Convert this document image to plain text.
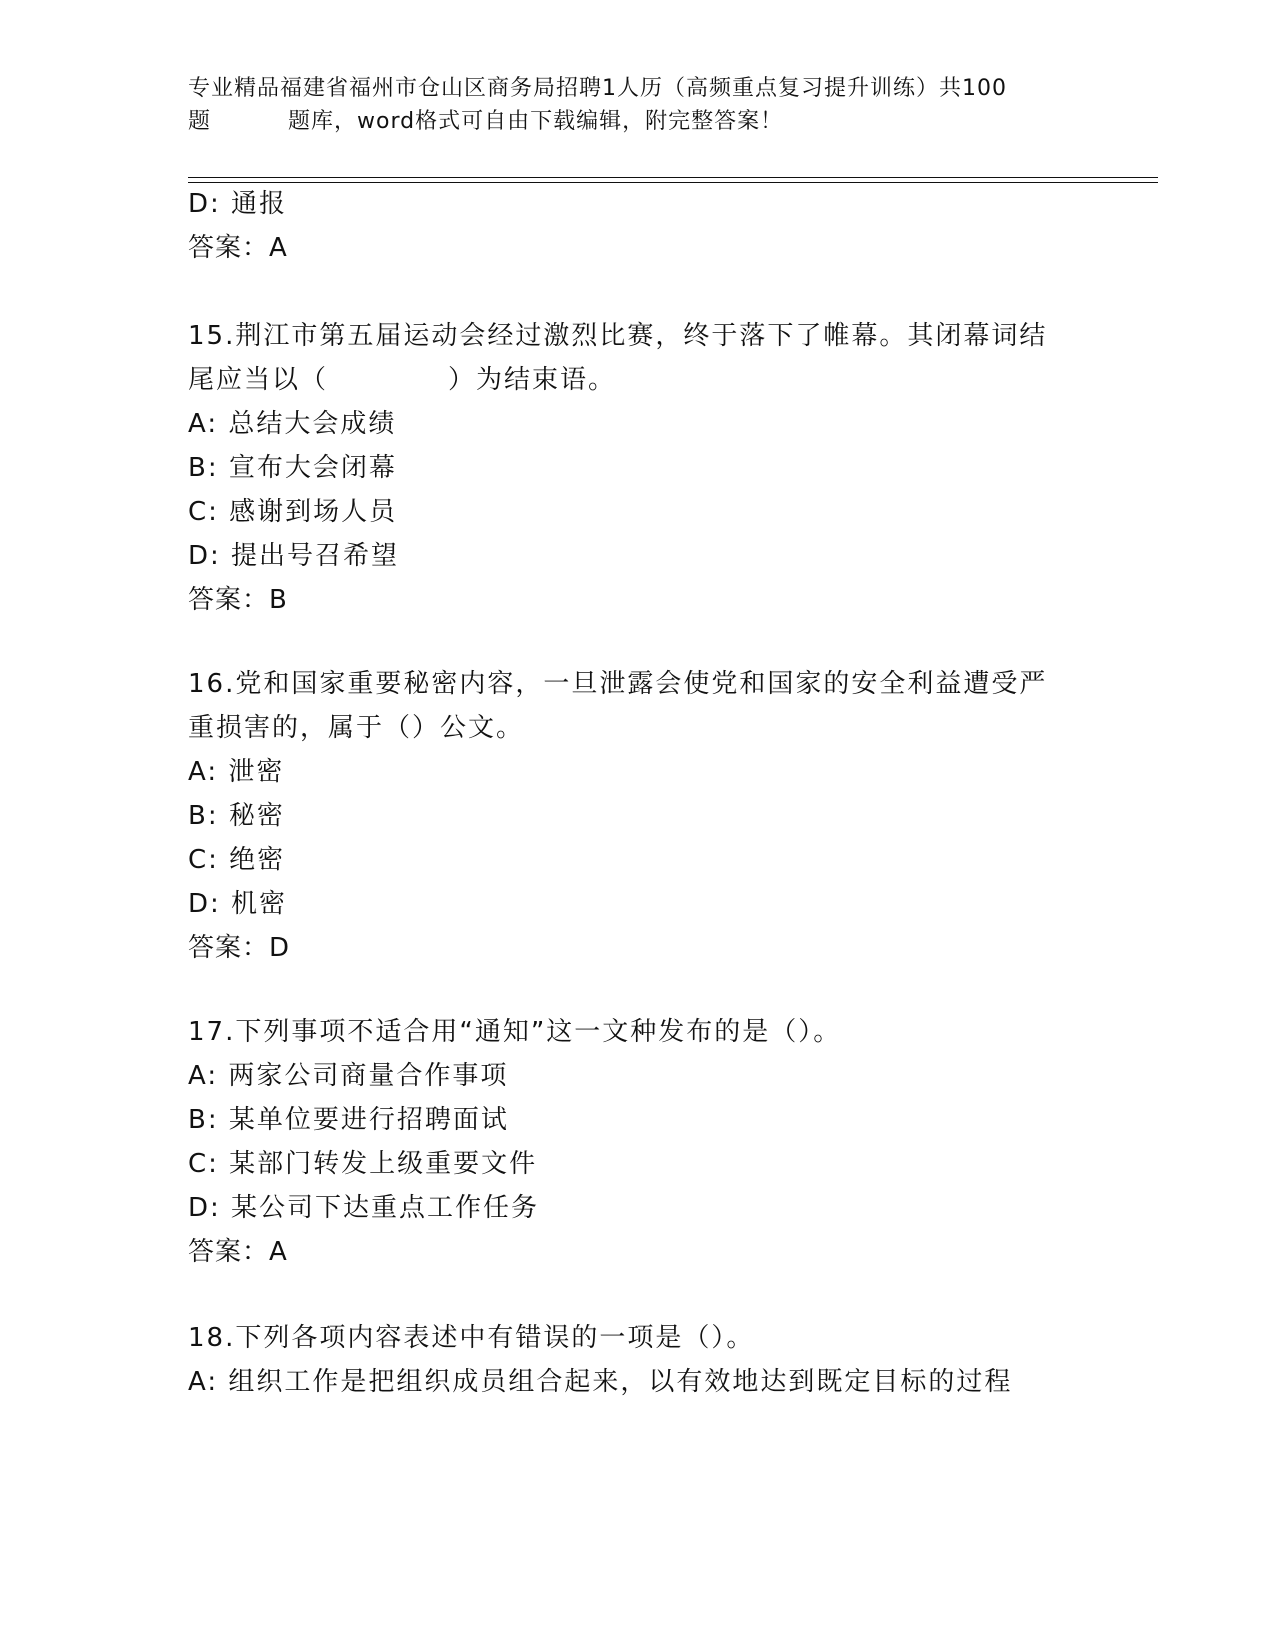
专业精品福建省福州市仓山区商务局招聘1人历（高频重点复习提升训练）共100
题	题库，word格式可自由下载编辑，附完整答案！
D: 通报
答案：A
15.荆江市第五届运动会经过激烈比赛，终于落下了帷幕。其闭幕词结
尾应当以（	）为结束语。
A: 总结大会成绩
B: 宣布大会闭幕
C: 感谢到场人员
D: 提出号召希望
答案：B
16.党和国家重要秘密内容，一旦泄露会使党和国家的安全利益遭受严
重损害的，属于（）公文。
A: 泄密
B: 秘密
C: 绝密
D: 机密
答案：D
17.下列事项不适合用“通知”这一文种发布的是（）。
A: 两家公司商量合作事项
B: 某单位要进行招聘面试
C: 某部门转发上级重要文件
D: 某公司下达重点工作任务
答案：A
18.下列各项内容表述中有错误的一项是（）。
A: 组织工作是把组织成员组合起来，以有效地达到既定目标的过程
